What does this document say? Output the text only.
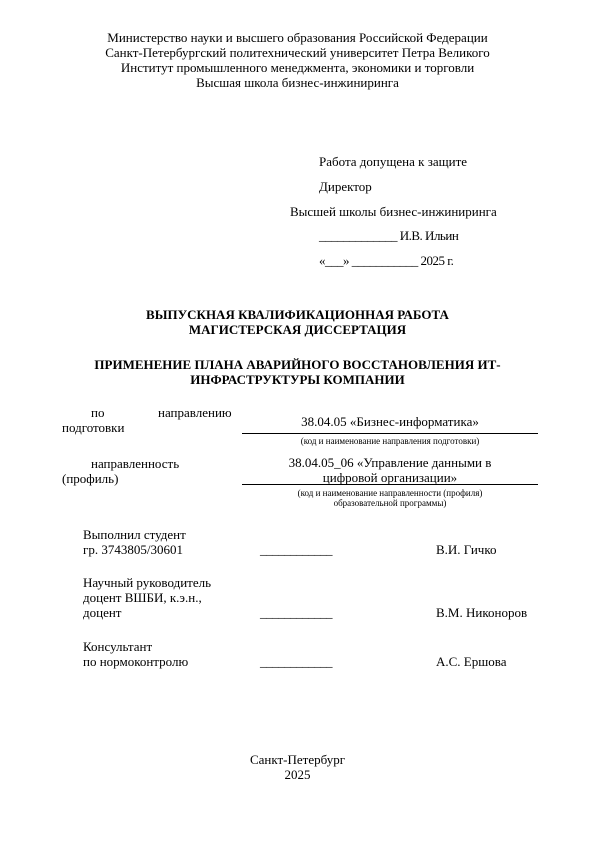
Министерство науки и высшего образования Российской Федерации
Санкт-Петербургский политехнический университет Петра Великого
Институт промышленного менеджмента, экономики и торговли
Высшая школа бизнес-инжиниринга
Работа допущена к защите
Директор
Высшей школы бизнес-инжиниринга
_____________ И.В. Ильин
«___» ___________ 2025 г.
ВЫПУСКНАЯ КВАЛИФИКАЦИОННАЯ РАБОТА
МАГИСТЕРСКАЯ ДИССЕРТАЦИЯ
ПРИМЕНЕНИЕ ПЛАНА АВАРИЙНОГО ВОССТАНОВЛЕНИЯ ИТ-
ИНФРАСТРУКТУРЫ КОМПАНИИ
по	направлению
подготовки	38.04.05 «Бизнес-информатика»
(код и наименование направления подготовки)
направленность
(профиль)
38.04.05_06 «Управление данными в
цифровой организации»
(код и наименование направленности (профиля)
образовательной программы)
Выполнил студент
гр. 3743805/30601	____________	В.И. Гичко
Научный руководитель
доцент ВШБИ, к.э.н.,
доцент	____________	В.М. Никоноров
Консультант
по нормоконтролю	____________	А.С. Ершова
Санкт-Петербург
2025
